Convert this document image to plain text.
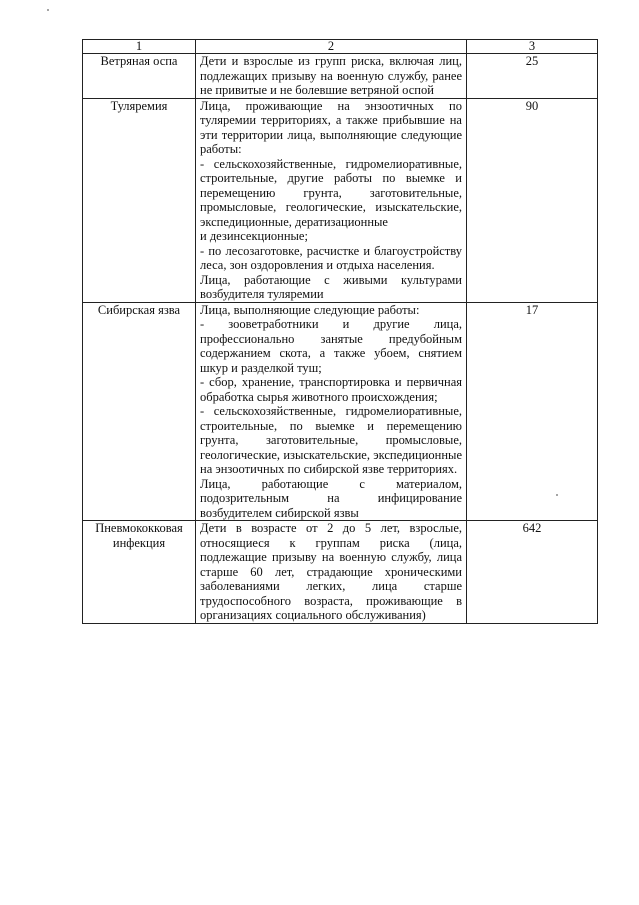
1	2	3
Ветряная оспа	Дети и взрослые из групп риска, включая лиц, подлежащих призыву на военную службу, ранее не привитые и не болевшие ветряной оспой	25
Туляремия	Лица, проживающие на энзоотичных по туляремии территориях, а также прибывшие на эти территории лица, выполняющие следующие работы:
- сельскохозяйственные, гидромелиоративные, строительные, другие работы по выемке и перемещению грунта, заготовительные, промысловые, геологические, изыскательские, экспедиционные, дератизационные
и дезинсекционные;
- по лесозаготовке, расчистке и благоустройству леса, зон оздоровления и отдыха населения.
Лица, работающие с живыми культурами возбудителя туляремии	90
Сибирская язва	Лица, выполняющие следующие работы:
- зооветработники и другие лица, профессионально занятые предубойным содержанием скота, а также убоем, снятием шкур и разделкой туш;
- сбор, хранение, транспортировка и первичная обработка сырья животного происхождения;
- сельскохозяйственные, гидромелиоративные, строительные, по выемке и перемещению грунта, заготовительные, промысловые, геологические, изыскательские, экспедиционные на энзоотичных по сибирской язве территориях.
Лица, работающие с материалом, подозрительным на инфицирование возбудителем сибирской язвы	17
Пневмококковая инфекция	Дети в возрасте от 2 до 5 лет, взрослые, относящиеся к группам риска (лица, подлежащие призыву на военную службу, лица старше 60 лет, страдающие хроническими заболеваниями легких, лица старше трудоспособного возраста, проживающие в организациях социального обслуживания)	642
